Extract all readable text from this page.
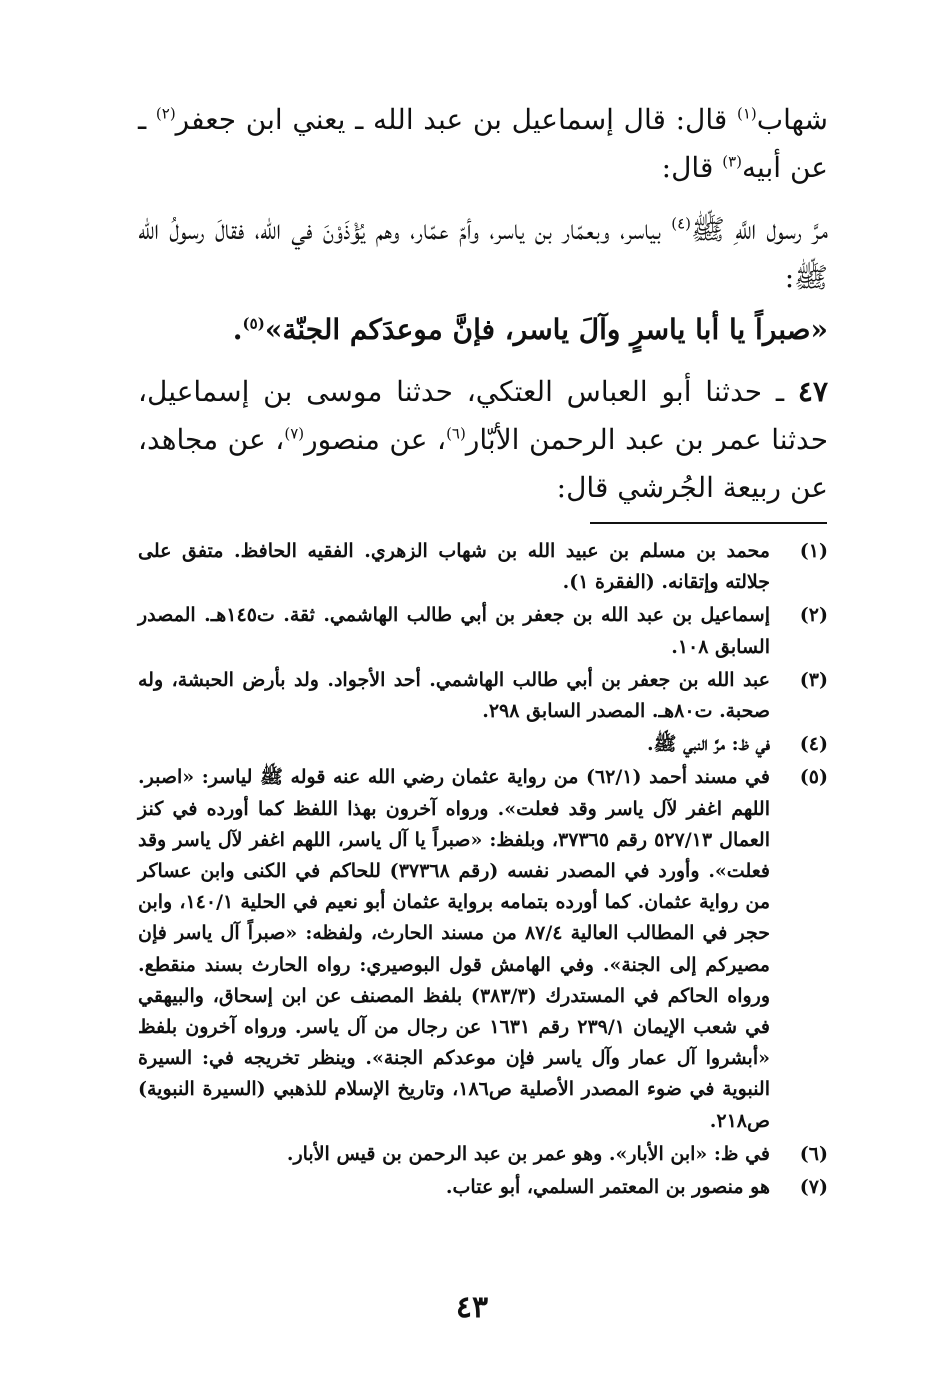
شهاب$^{(١)}$ قال: قال إسماعيل بن عبد الله ـ يعني ابن جعفر$^{(٢)}$ ـ عن أبيه$^{(٣)}$ قال:

مرَّ رسول اللَّهِ ﷺ$^{(٤)}$ بياسر، وبعمّار بن ياسر، وأمّ عمّار، وهم يُؤْذَوْنَ في الله، فقالَ رسولُ الله ﷺ:

«صبراً يا أبا ياسرٍ وآلَ ياسر، فإنَّ موعدَكم الجنّة»$^{(٥)}$.

٤٧ ـ حدثنا أبو العباس العتكي، حدثنا موسى بن إسماعيل، حدثنا عمر بن عبد الرحمن الأبّار$^{(٦)}$، عن منصور$^{(٧)}$، عن مجاهد، عن ربيعة الجُرشي قال:

(١)
محمد بن مسلم بن عبيد الله بن شهاب الزهري. الفقيه الحافظ. متفق على جلالته وإتقانه. (الفقرة ١).
(٢)
إسماعيل بن عبد الله بن جعفر بن أبي طالب الهاشمي. ثقة. ت١٤٥هـ. المصدر السابق ١٠٨.
(٣)
عبد الله بن جعفر بن أبي طالب الهاشمي. أحد الأجواد. ولد بأرض الحبشة، وله صحبة. ت٨٠هـ. المصدر السابق ٢٩٨.
(٤)
في ظ: مرَّ النبي ﷺ.
(٥)
في مسند أحمد (٦٢/١) من رواية عثمان رضي الله عنه قوله ﷺ لياسر: «اصبر. اللهم اغفر لآل ياسر وقد فعلت». ورواه آخرون بهذا اللفظ كما أورده في كنز العمال ٥٢٧/١٣ رقم ٣٧٣٦٥، وبلفظ: «صبراً يا آل ياسر، اللهم اغفر لآل ياسر وقد فعلت». وأورد في المصدر نفسه (رقم ٣٧٣٦٨) للحاكم في الكنى وابن عساكر من رواية عثمان. كما أورده بتمامه برواية عثمان أبو نعيم في الحلية ١٤٠/١، وابن حجر في المطالب العالية ٨٧/٤ من مسند الحارث، ولفظه: «صبراً آل ياسر فإن مصيركم إلى الجنة». وفي الهامش قول البوصيري: رواه الحارث بسند منقطع. ورواه الحاكم في المستدرك (٣٨٣/٣) بلفظ المصنف عن ابن إسحاق، والبيهقي في شعب الإيمان ٢٣٩/١ رقم ١٦٣١ عن رجال من آل ياسر. ورواه آخرون بلفظ «أبشروا آل عمار وآل ياسر فإن موعدكم الجنة». وينظر تخريجه في: السيرة النبوية في ضوء المصدر الأصلية ص١٨٦، وتاريخ الإسلام للذهبي (السيرة النبوية) ص٢١٨.
(٦)
في ظ: «ابن الأبار». وهو عمر بن عبد الرحمن بن قيس الأبار.
(٧)
هو منصور بن المعتمر السلمي، أبو عتاب.
٤٣
